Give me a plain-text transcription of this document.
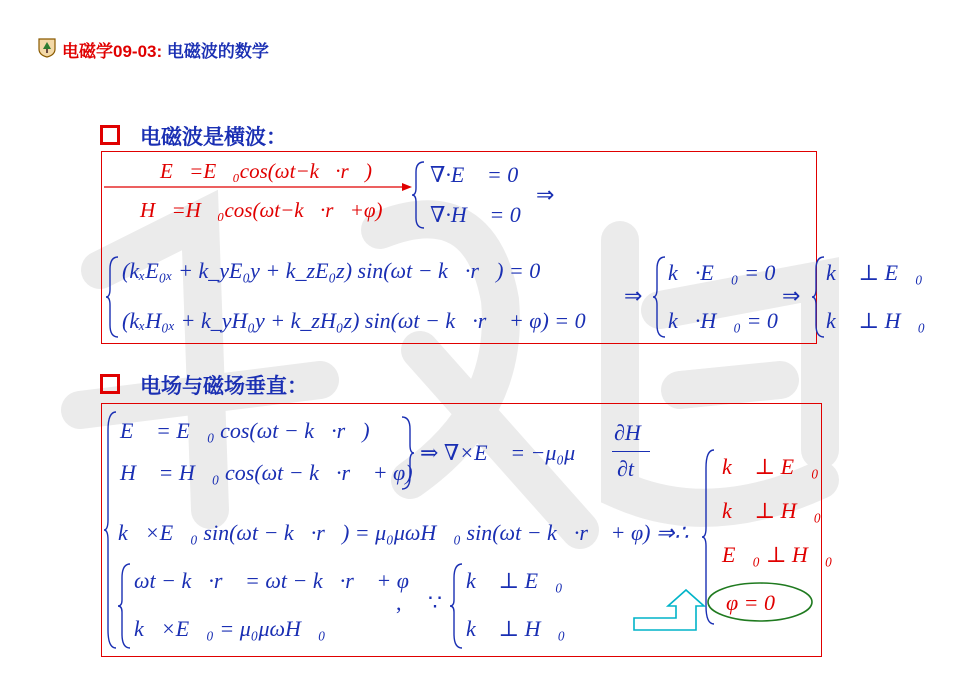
电磁学09-03: 电磁波的数学
电磁波是横波：
E⃗=E⃗₀cos(ωt−k⃗·r⃗)
H⃗=H⃗₀cos(ωt−k⃗·r⃗+φ)
∇·E⃗ = 0
∇·H⃗ = 0
⇒
(kₓE₀ₓ + k_yE₀y + k_zE₀z) sin(ωt − k⃗·r⃗) = 0
(kₓH₀ₓ + k_yH₀y + k_zH₀z) sin(ωt − k⃗·r⃗ + φ) = 0
⇒
k⃗·E⃗₀ = 0
k⃗·H⃗₀ = 0
⇒
k⃗ ⊥ E⃗₀
k⃗ ⊥ H⃗₀
电场与磁场垂直：
E⃗ = E⃗₀ cos(ωt − k⃗·r⃗)
H⃗ = H⃗₀ cos(ωt − k⃗·r⃗ + φ)
⇒ ∇×E⃗ = −μ₀μ
∂H⃗
∂t
k⃗×E⃗₀ sin(ωt − k⃗·r⃗) = μ₀μωH⃗₀ sin(ωt − k⃗·r⃗ + φ) ⇒∴
ωt − k⃗·r⃗ = ωt − k⃗·r⃗ + φ
k⃗×E⃗₀ = μ₀μωH⃗₀
, ∵
k⃗ ⊥ E⃗₀
k⃗ ⊥ H⃗₀
k⃗ ⊥ E⃗₀
k⃗ ⊥ H⃗₀
E⃗₀ ⊥ H⃗₀
φ = 0
